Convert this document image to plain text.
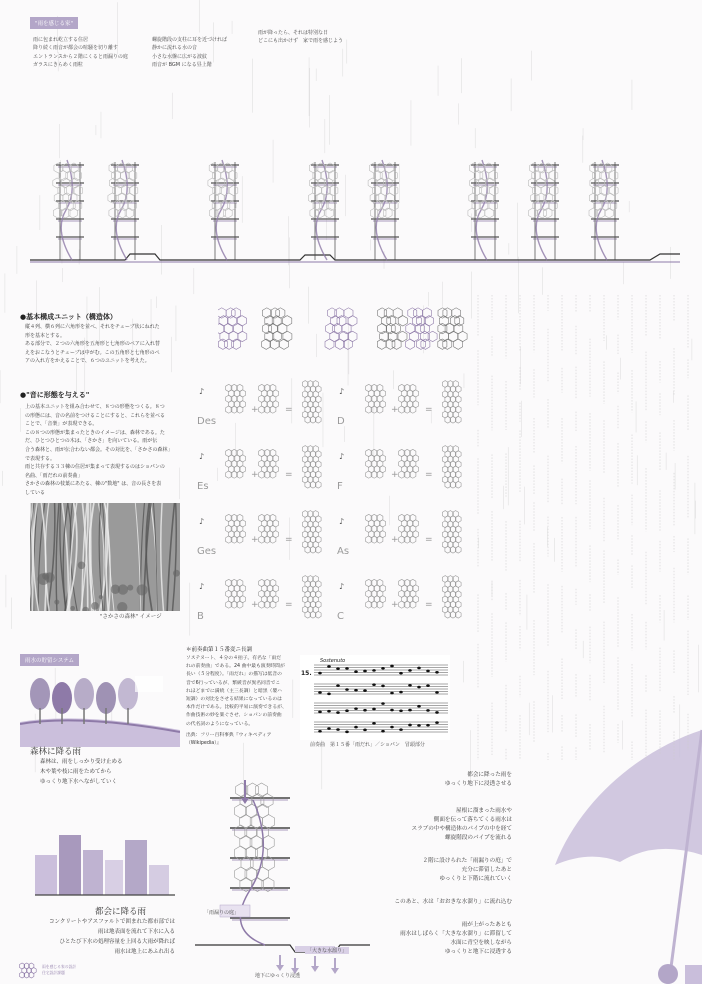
"雨を感じる家"
雨に包まれ屹立する住居
降り続く雨音が都会の喧騒を切り離す
エントランスから２階にくると雨漏りの庭
ガラスにきらめく雨粒
螺旋階段の支柱に耳を近づければ
静かに流れる水の音
小さな水盤に広がる波紋
雨音が BGM になる昼上階
雨が降ったら、それは特別な日
どこにも出かけず　家で雨を感じよう
●基本構成ユニット（構造体）
縦４列、横６列に六角形を並べ、それをチューブ状にねれた
形を基本とする。
ある部分で、２つの六角形を五角形と七角形のペアに入れ替
えをおこなうとチューブは中がむ。この五角形と七角形のペ
アの入れ方をかえることで、６つのユニットを考えた。
●"音に形態を与える"
上の基本ユニットを組み合わせて、８つの形態をつくる。８つ
の形態には、音の名前をつけることにすると、これらを並べる
ことで、「音楽」が表現できる。
この８つの形態が集まったときのイメージは、森林である。た
だ、ひとつひとつの木は、「さかさ」を向いている。雨が伝
合う森林と、雨が伝合わない都会。その対比を、「さかさの森林」
で表現する。
雨と共存する３３棟の住居が集まって表現するのはショパンの
名曲、「雨だれの前奏曲」
さかさの森林の枝葉にあたる、棟の"数地" は、音の長さを表
している
"さかさの森林" イメージ
♪
+	=
Des
♪
+	=
D
♪
+	=
Es
♪
+	=
F
♪
+	=
Ges
♪
+	=
As
♪
+	=
B
♪
+	=
C
＊前奏曲第１５番変ニ長調
ソステヌート、４分の４拍子。有名な「雨だ
れの前奏曲」である。24 曲中最も演奏時間が
長い（５分程度）。「雨だれ」の描写は低音の
音で6行っているが、繁緩音が異名同音でこ
れほどまでに満続（主三長調）と暗黒（嬰ハ
短調）の対比をさせる結果になっているのは
本作だけである。比較的平易に演奏できるが、
作曲技術の妙を楽ぐさせ、ショパンの前奏曲
の代名詞のようになっている。
出典：フリー百科事典『ウィキペディア
（Wikipedia）』
Sostenuto
15.
前奏曲　第１５番「雨だれ」／ショパン　冒頭部分
雨水の貯留システム
森林に降る雨
森林は、雨をしっかり受け止める
木や葉や枝に雨をためてから
ゆっくり地下水へながしていく
都会に降る雨
コンクリートやアスファルトで囲まれた都市部では
雨は地表面を流れて下水に入る
ひとたび下水の処理容量を上回る大雨が降れば
雨水は地上にあふれ出る
雨を感じる家の設計
住宅設計課題
「雨漏りの庭」
「大きな水溜り」
地下にゆっくり浸透
都会に降った雨を
ゆっくり地下に浸透させる
屋根に溜まった雨水や
側面を伝って落ちてくる雨水は
スラブの中や構造体のパイプの中を経て
螺旋階段のパイプを流れる
２階に設けられた「雨漏りの庭」で
充分に滞留したあと
ゆっくりと下階に流れていく
このあと、水は「おおきな水溜り」に流れ込む
雨が上がったあとも
雨水はしばらく「大きな水溜り」に滞留して
水面に青空を映しながら
ゆっくりと地下に浸透する
